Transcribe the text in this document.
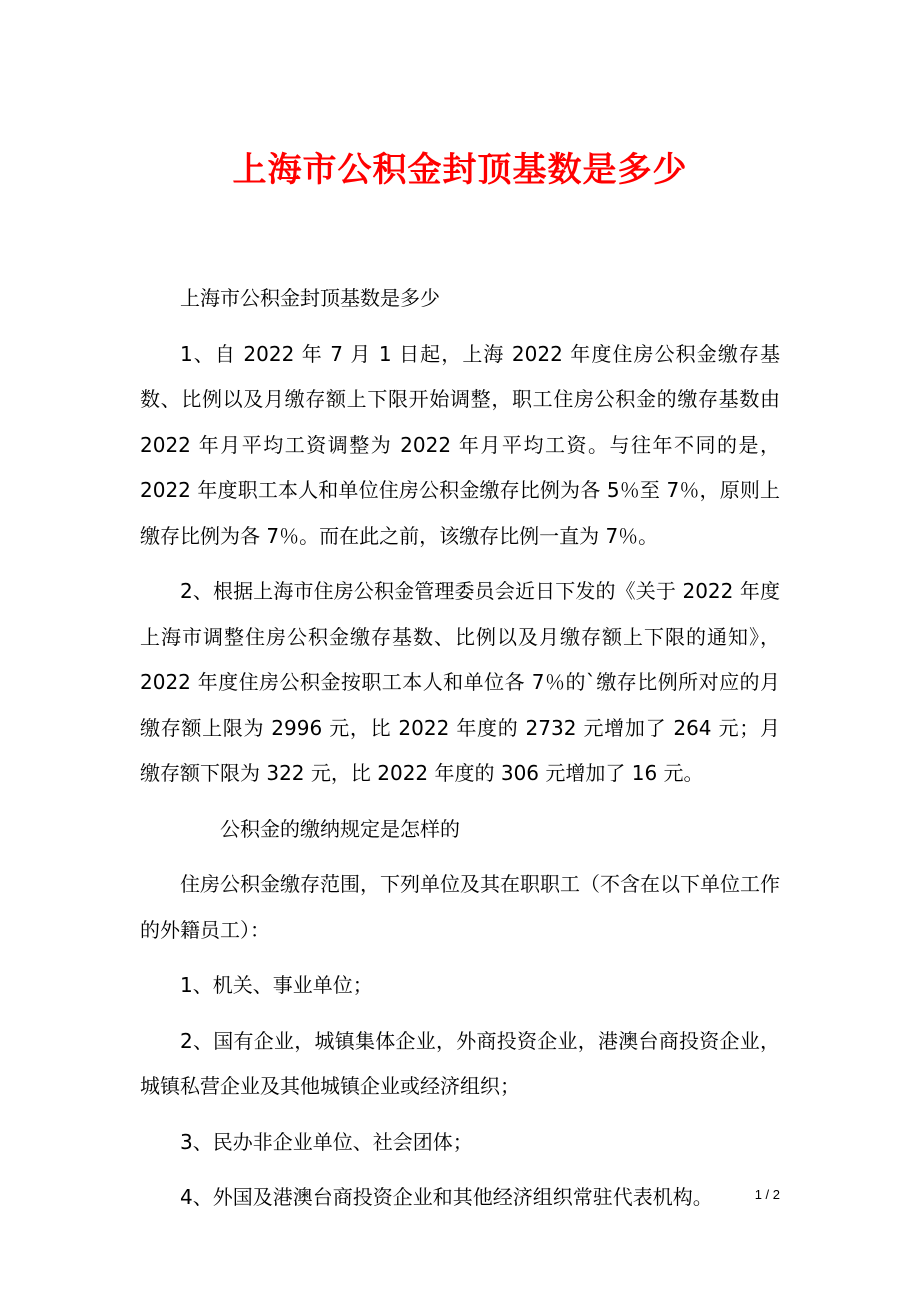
上海市公积金封顶基数是多少

上海市公积金封顶基数是多少

1、自 2022 年 7 月 1 日起，上海 2022 年度住房公积金缴存基数、比例以及月缴存额上下限开始调整，职工住房公积金的缴存基数由 2022 年月平均工资调整为 2022 年月平均工资。与往年不同的是，2022 年度职工本人和单位住房公积金缴存比例为各 5％至 7％，原则上缴存比例为各 7％。而在此之前，该缴存比例一直为 7％。

2、根据上海市住房公积金管理委员会近日下发的《关于 2022 年度上海市调整住房公积金缴存基数、比例以及月缴存额上下限的通知》，2022 年度住房公积金按职工本人和单位各 7％的`缴存比例所对应的月缴存额上限为 2996 元，比 2022 年度的 2732 元增加了 264 元；月缴存额下限为 322 元，比 2022 年度的 306 元增加了 16 元。

公积金的缴纳规定是怎样的

住房公积金缴存范围，下列单位及其在职职工（不含在以下单位工作的外籍员工）：

1、机关、事业单位；

2、国有企业，城镇集体企业，外商投资企业，港澳台商投资企业，城镇私营企业及其他城镇企业或经济组织；

3、民办非企业单位、社会团体；

4、外国及港澳台商投资企业和其他经济组织常驻代表机构。	1 / 2
